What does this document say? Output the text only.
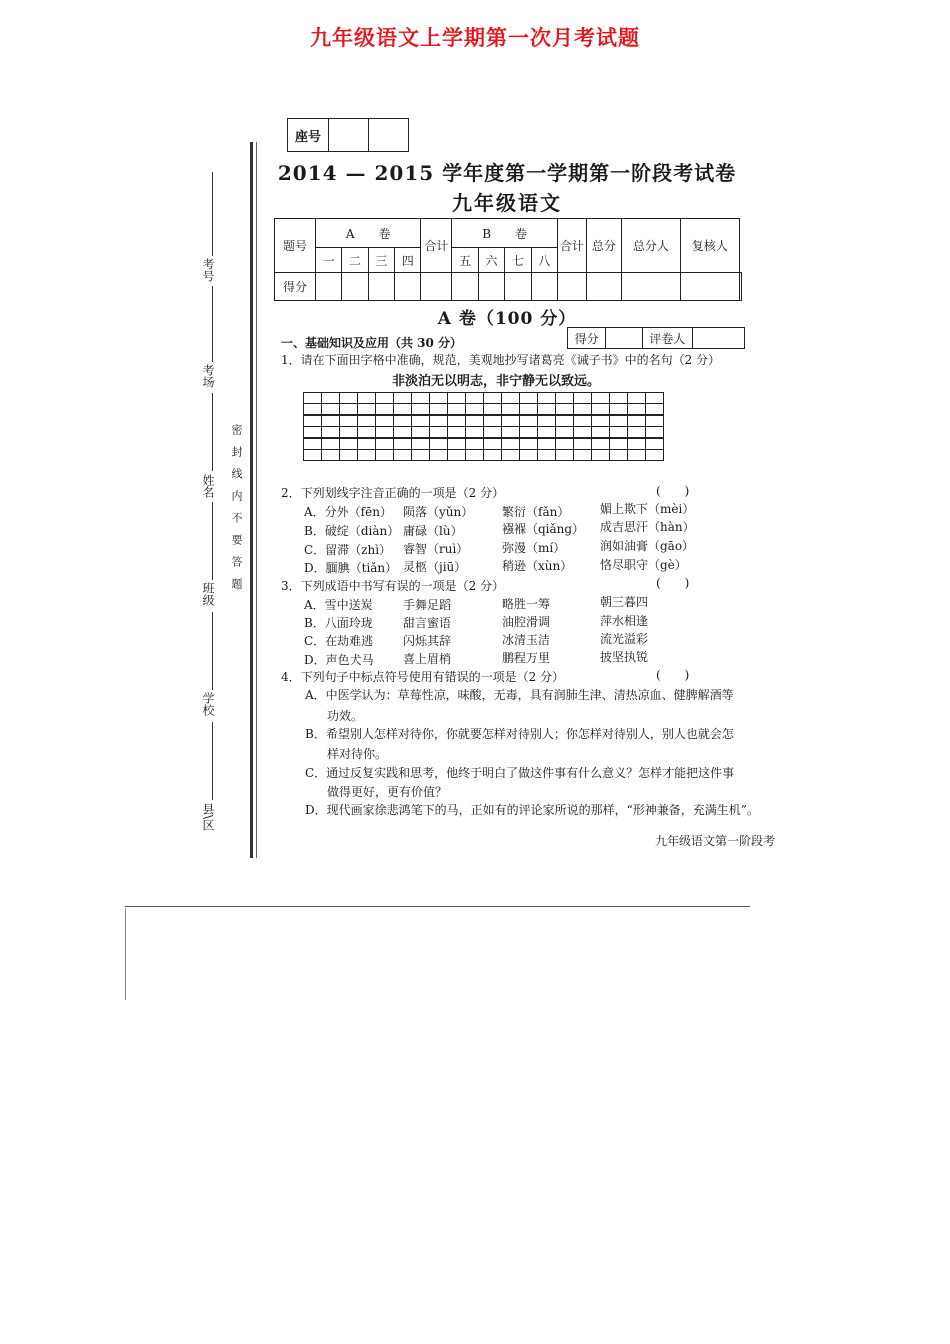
九年级语文上学期第一次月考试题
座号
2014 — 2015 学年度第一学期第一阶段考试卷
九年级语文
题号	A　　卷				合计	B　　卷				合计	总分	总分人	复核人	
	一	二	三	四		五	六	七	八					
得分														
A 卷（100 分）
一、基础知识及应用（共 30 分）	得分	评卷人
1．请在下面田字格中准确，规范，美观地抄写诸葛亮《诫子书》中的名句（2 分）
非淡泊无以明志，非宁静无以致远。

2．下列划线字注音正确的一项是（2 分）	(　　)
A．分外（fēn） 陨落（yǔn） 繁衍（fǎn）	媚上欺下（mèi）
B．破绽（diàn） 庸碌（lù）	襁褓（qiǎng） 成吉思汗（hàn）
C．留滞（zhì） 睿智（ruì）	弥漫（mí）	润如油膏（gāo）
D．腼腆（tiǎn） 灵柩（jiū）	稍逊（xùn） 恪尽职守（gè）
3．下列成语中书写有误的一项是（2 分）	(　　)
A．雪中送炭	手舞足蹈	略胜一筹	朝三暮四
B．八面玲珑	甜言蜜语	油腔滑调	萍水相逢
C．在劫难逃 闪烁其辞	冰清玉洁	流光溢彩
D．声色犬马 喜上眉梢	鹏程万里	披坚执锐
4．下列句子中标点符号使用有错误的一项是（2 分）	(　　)
A．中医学认为：草莓性凉，味酸，无毒，具有润肺生津、清热凉血、健脾解酒等
功效。
B．希望别人怎样对待你，你就要怎样对待别人；你怎样对待别人，别人也就会怎
样对待你。
C．通过反复实践和思考，他终于明白了做这件事有什么意义？怎样才能把这件事
做得更好，更有价值？
D．现代画家徐悲鸿笔下的马，正如有的评论家所说的那样，“形神兼备，充满生机”。
九年级语文第一阶段考
考号
考场
姓名
班级
学校
县\区
密　封　线　内　不　要　答　题
